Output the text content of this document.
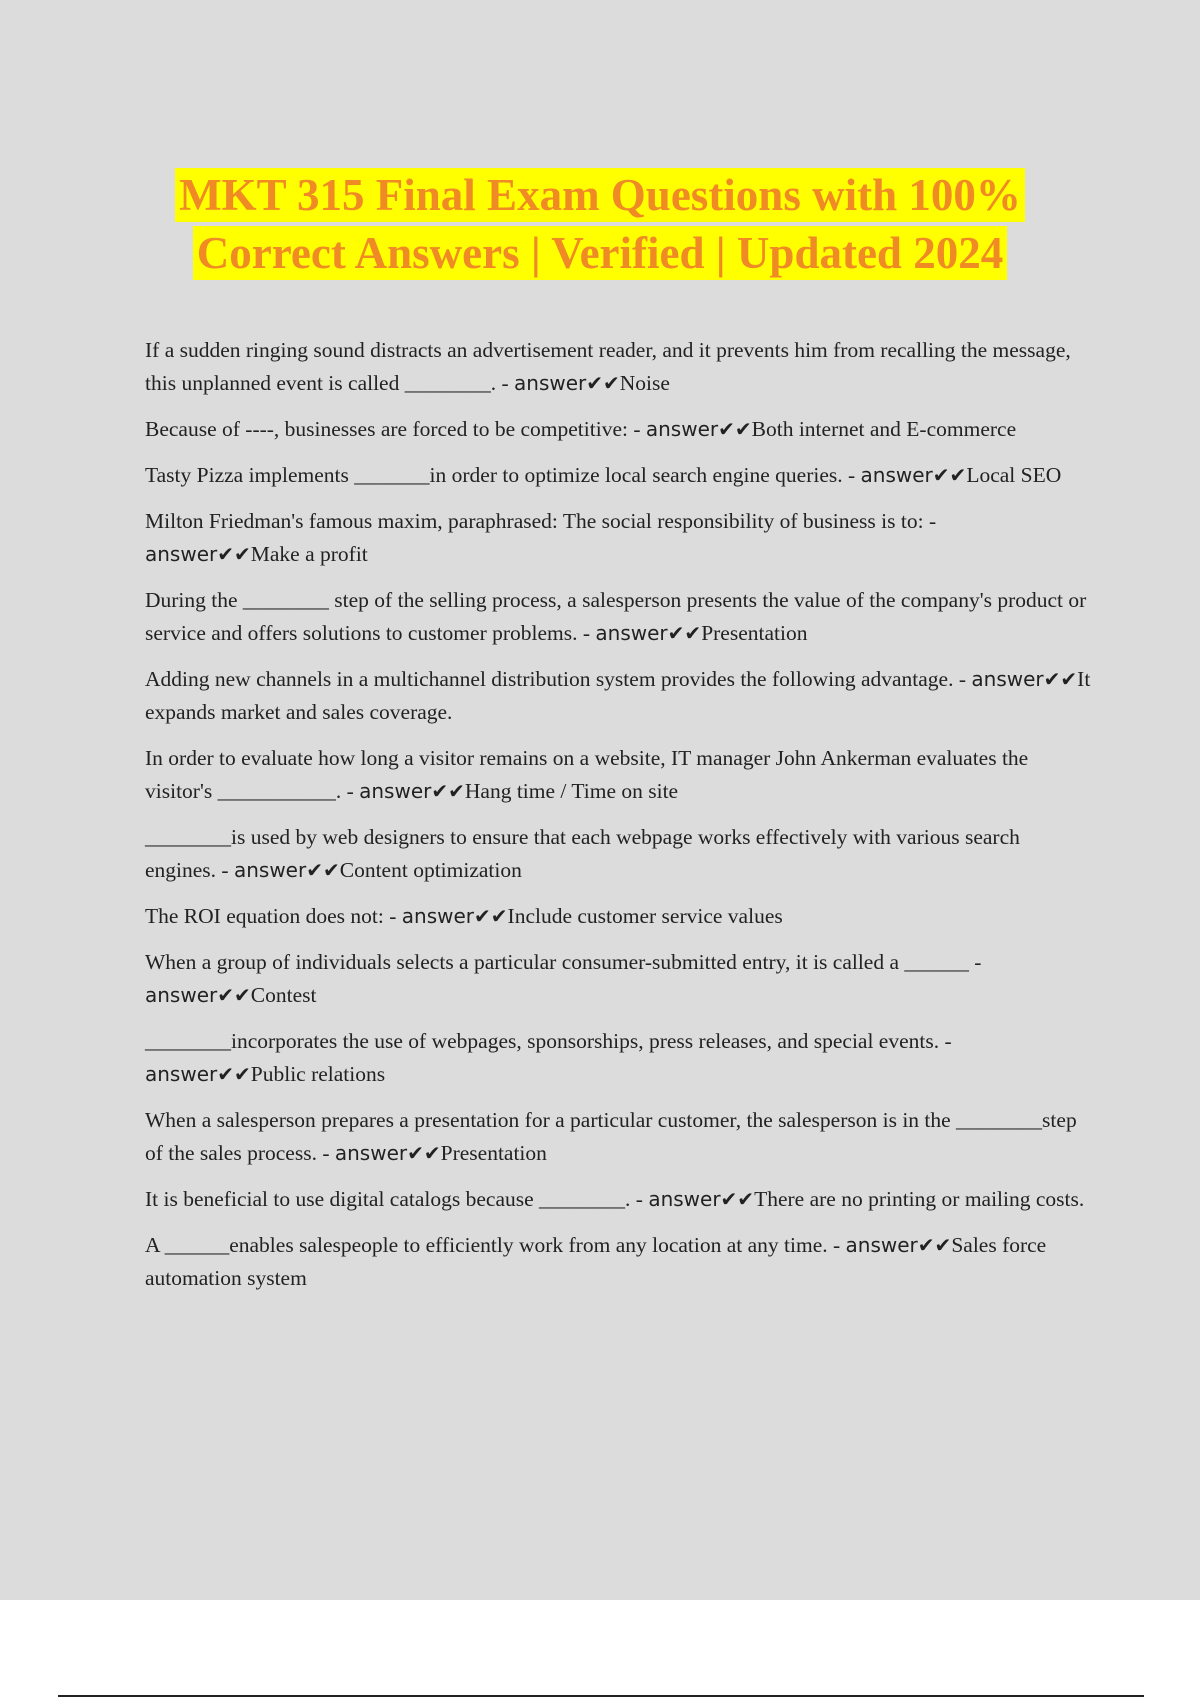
MKT 315 Final Exam Questions with 100%
Correct Answers | Verified | Updated 2024

If a sudden ringing sound distracts an advertisement reader, and it prevents him from recalling the message, this unplanned event is called ________. - answer✔✔Noise

Because of ----, businesses are forced to be competitive: - answer✔✔Both internet and E-commerce

Tasty Pizza implements _______in order to optimize local search engine queries. - answer✔✔Local SEO

Milton Friedman's famous maxim, paraphrased: The social responsibility of business is to: - answer✔✔Make a profit

During the ________ step of the selling process, a salesperson presents the value of the company's product or service and offers solutions to customer problems. - answer✔✔Presentation

Adding new channels in a multichannel distribution system provides the following advantage. - answer✔✔It expands market and sales coverage.

In order to evaluate how long a visitor remains on a website, IT manager John Ankerman evaluates the visitor's ___________. - answer✔✔Hang time / Time on site

________is used by web designers to ensure that each webpage works effectively with various search engines. - answer✔✔Content optimization

The ROI equation does not: - answer✔✔Include customer service values

When a group of individuals selects a particular consumer-submitted entry, it is called a ______ - answer✔✔Contest

________incorporates the use of webpages, sponsorships, press releases, and special events. - answer✔✔Public relations

When a salesperson prepares a presentation for a particular customer, the salesperson is in the ________step of the sales process. - answer✔✔Presentation

It is beneficial to use digital catalogs because ________. - answer✔✔There are no printing or mailing costs.

A ______enables salespeople to efficiently work from any location at any time. - answer✔✔Sales force automation system
